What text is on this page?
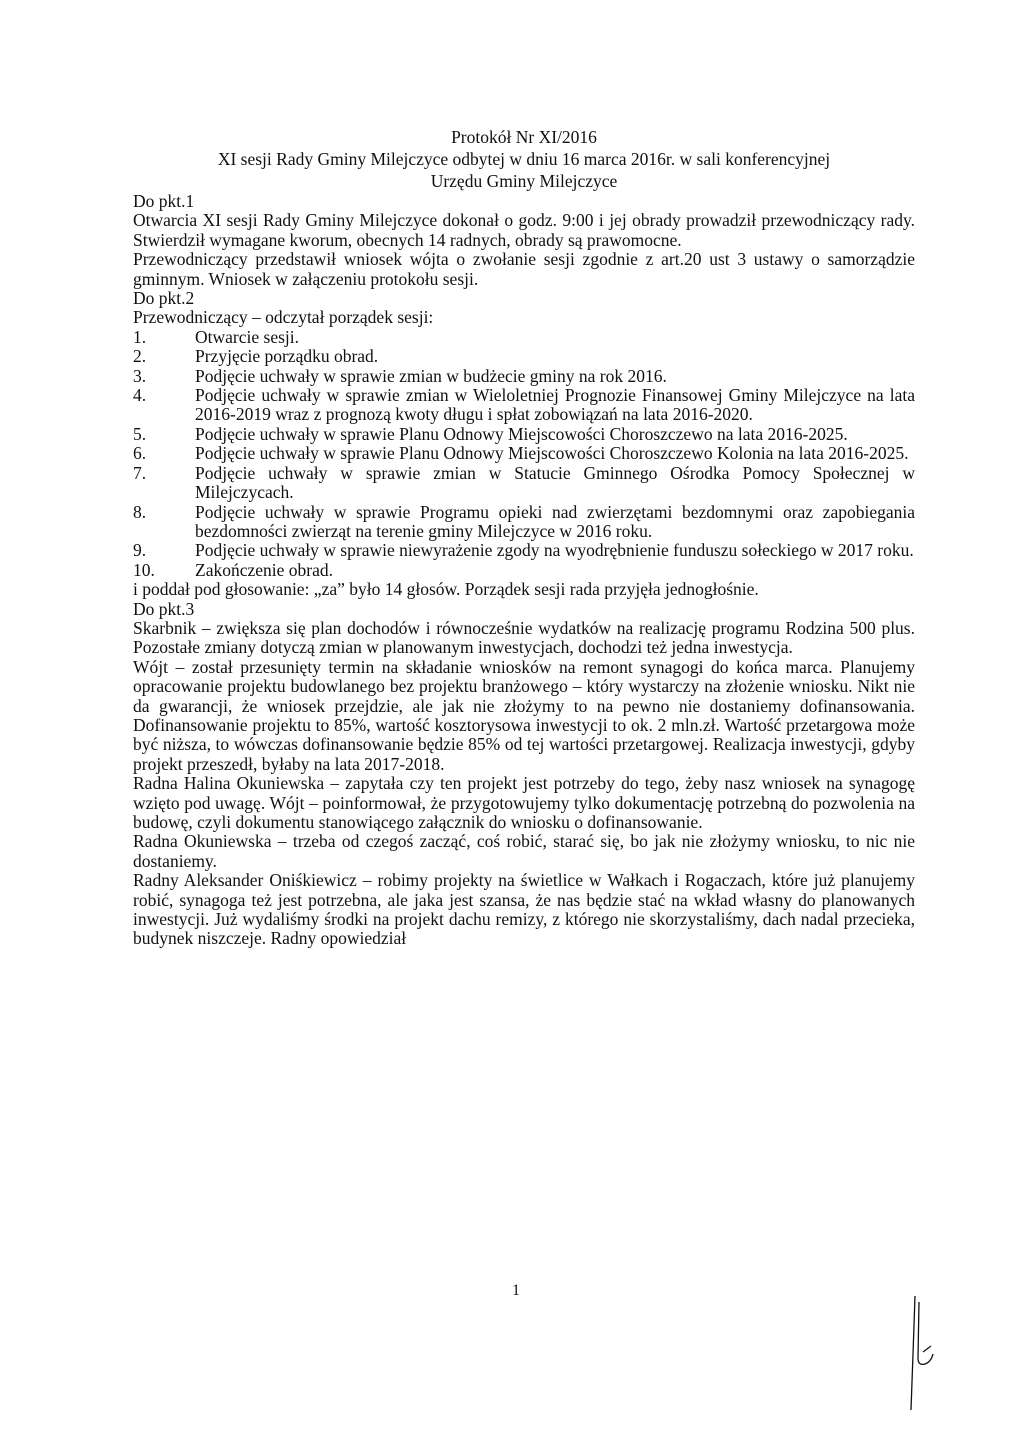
Protokół Nr XI/2016
XI sesji Rady Gminy Milejczyce odbytej w dniu 16 marca 2016r. w sali konferencyjnej
Urzędu Gminy Milejczyce
Do pkt.1
Otwarcia XI sesji Rady Gminy Milejczyce dokonał o godz. 9:00 i jej obrady prowadził przewodniczący rady. Stwierdził wymagane kworum, obecnych 14 radnych, obrady są prawomocne.
Przewodniczący przedstawił wniosek wójta o zwołanie sesji zgodnie z art.20 ust 3 ustawy o samorządzie gminnym. Wniosek w załączeniu protokołu sesji.
Do pkt.2
Przewodniczący – odczytał porządek sesji:
1.	Otwarcie sesji.
2.	Przyjęcie porządku obrad.
3.	Podjęcie uchwały w sprawie zmian w budżecie gminy na rok 2016.
4.	Podjęcie uchwały w sprawie zmian w Wieloletniej Prognozie Finansowej Gminy Milejczyce na lata 2016-2019 wraz z prognozą kwoty długu i spłat zobowiązań na lata 2016-2020.
5.	Podjęcie uchwały w sprawie Planu Odnowy Miejscowości Choroszczewo na lata 2016-2025.
6.	Podjęcie uchwały w sprawie Planu Odnowy Miejscowości Choroszczewo Kolonia na lata 2016-2025.
7.	Podjęcie uchwały w sprawie zmian w Statucie Gminnego Ośrodka Pomocy Społecznej w Milejczycach.
8.	Podjęcie uchwały w sprawie Programu opieki nad zwierzętami bezdomnymi oraz zapobiegania bezdomności zwierząt na terenie gminy Milejczyce w 2016 roku.
9.	Podjęcie uchwały w sprawie niewyrażenie zgody na wyodrębnienie funduszu sołeckiego w 2017 roku.
10.	Zakończenie obrad.
i poddał pod głosowanie: „za” było 14 głosów. Porządek sesji rada przyjęła jednogłośnie.
Do pkt.3
Skarbnik – zwiększa się plan dochodów i równocześnie wydatków na realizację programu Rodzina 500 plus. Pozostałe zmiany dotyczą zmian w planowanym inwestycjach, dochodzi też jedna inwestycja.
Wójt – został przesunięty termin na składanie wniosków na remont synagogi do końca marca. Planujemy opracowanie projektu budowlanego bez projektu branżowego – który wystarczy na złożenie wniosku. Nikt nie da gwarancji, że wniosek przejdzie, ale jak nie złożymy to na pewno nie dostaniemy dofinansowania. Dofinansowanie projektu to 85%, wartość kosztorysowa inwestycji to ok. 2 mln.zł. Wartość przetargowa może być niższa, to wówczas dofinansowanie będzie 85% od tej wartości przetargowej. Realizacja inwestycji, gdyby projekt przeszedł, byłaby na lata 2017-2018.
Radna Halina Okuniewska – zapytała czy ten projekt jest potrzeby do tego, żeby nasz wniosek na synagogę wzięto pod uwagę. Wójt – poinformował, że przygotowujemy tylko dokumentację potrzebną do pozwolenia na budowę, czyli dokumentu stanowiącego załącznik do wniosku o dofinansowanie.
Radna Okuniewska – trzeba od czegoś zacząć, coś robić, starać się, bo jak nie złożymy wniosku, to nic nie dostaniemy.
Radny Aleksander Oniśkiewicz – robimy projekty na świetlice w Wałkach i Rogaczach, które już planujemy robić, synagoga też jest potrzebna, ale jaka jest szansa, że nas będzie stać na wkład własny do planowanych inwestycji. Już wydaliśmy środki na projekt dachu remizy, z którego nie skorzystaliśmy, dach nadal przecieka, budynek niszczeje. Radny opowiedział
1
